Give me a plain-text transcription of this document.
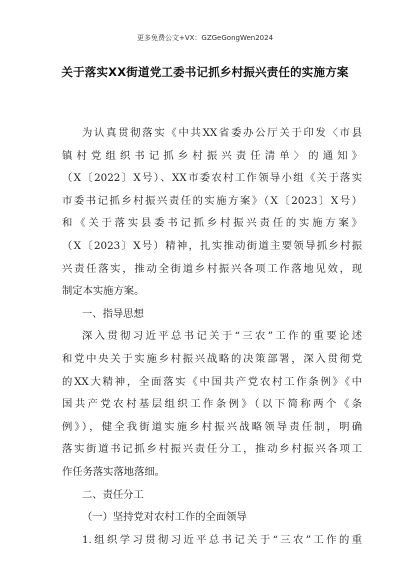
更多免费公文+VX：GZGeGongWen2024
关于落实XX街道党工委书记抓乡村振兴责任的实施方案
为认真贯彻落实《中共XX省委办公厅关于印发〈市县
镇村党组织书记抓乡村振兴责任清单〉的通知》
（X〔2022〕X号）、XX市委农村工作领导小组《关于落实
市委书记抓乡村振兴责任的实施方案》（X〔2023〕X号）
和《关于落实县委书记抓乡村振兴责任的实施方案》
（X〔2023〕X号）精神，扎实推动街道主要领导抓乡村振
兴责任落实，推动全街道乡村振兴各项工作落地见效，现
制定本实施方案。
一、指导思想
深入贯彻习近平总书记关于“三农”工作的重要论述
和党中央关于实施乡村振兴战略的决策部署，深入贯彻党
的XX大精神，全面落实《中国共产党农村工作条例》《中
国共产党农村基层组织工作条例》（以下简称两个《条
例》），健全我街道实施乡村振兴战略领导责任制，明确
落实街道书记抓乡村振兴责任分工，推动乡村振兴各项工
作任务落实落地落细。
二、责任分工
（一）坚持党对农村工作的全面领导
1.组织学习贯彻习近平总书记关于“三农”工作的重
